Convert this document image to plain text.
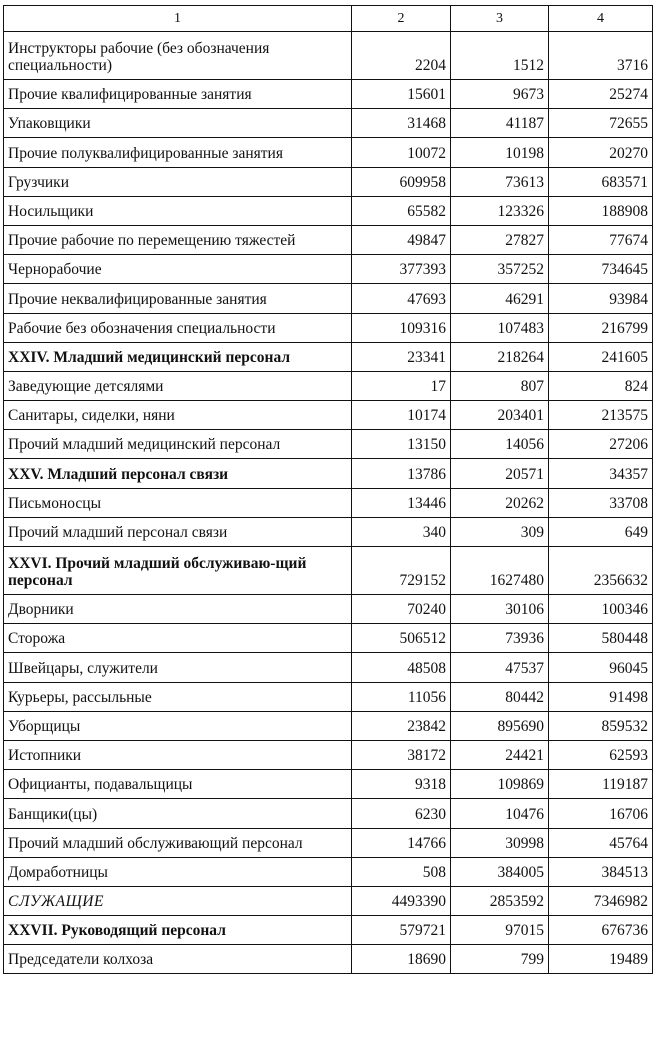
1	2	3	4
Инструкторы рабочие (без обозначения специальности)	2204	1512	3716
Прочие квалифицированные занятия	15601	9673	25274
Упаковщики	31468	41187	72655
Прочие полуквалифицированные занятия	10072	10198	20270
Грузчики	609958	73613	683571
Носильщики	65582	123326	188908
Прочие рабочие по перемещению тяжестей	49847	27827	77674
Чернорабочие	377393	357252	734645
Прочие неквалифицированные занятия	47693	46291	93984
Рабочие без обозначения специальности	109316	107483	216799
XXIV. Младший медицинский персонал	23341	218264	241605
Заведующие детсялями	17	807	824
Санитары, сиделки, няни	10174	203401	213575
Прочий младший медицинский персонал	13150	14056	27206
XXV. Младший персонал связи	13786	20571	34357
Письмоносцы	13446	20262	33708
Прочий младший персонал связи	340	309	649
XXVI. Прочий младший обслуживаю-щий персонал	729152	1627480	2356632
Дворники	70240	30106	100346
Сторожа	506512	73936	580448
Швейцары, служители	48508	47537	96045
Курьеры, рассыльные	11056	80442	91498
Уборщицы	23842	895690	859532
Истопники	38172	24421	62593
Официанты, подавальщицы	9318	109869	119187
Банщики(цы)	6230	10476	16706
Прочий младший обслуживающий персонал	14766	30998	45764
Домработницы	508	384005	384513
СЛУЖАЩИЕ	4493390	2853592	7346982
XXVII. Руководящий персонал	579721	97015	676736
Председатели колхоза	18690	799	19489
